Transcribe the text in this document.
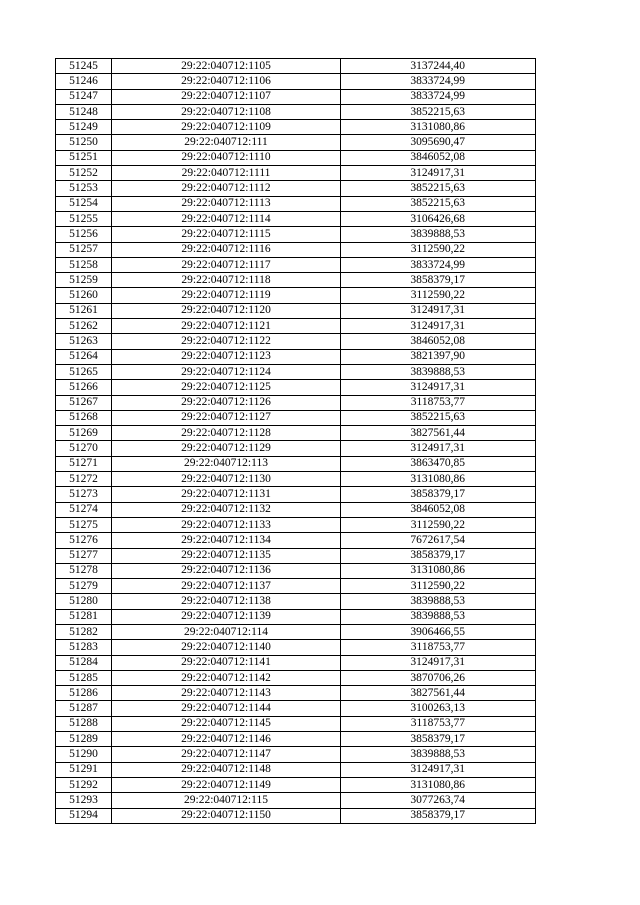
51245	29:22:040712:1105	3137244,40
51246	29:22:040712:1106	3833724,99
51247	29:22:040712:1107	3833724,99
51248	29:22:040712:1108	3852215,63
51249	29:22:040712:1109	3131080,86
51250	29:22:040712:111	3095690,47
51251	29:22:040712:1110	3846052,08
51252	29:22:040712:1111	3124917,31
51253	29:22:040712:1112	3852215,63
51254	29:22:040712:1113	3852215,63
51255	29:22:040712:1114	3106426,68
51256	29:22:040712:1115	3839888,53
51257	29:22:040712:1116	3112590,22
51258	29:22:040712:1117	3833724,99
51259	29:22:040712:1118	3858379,17
51260	29:22:040712:1119	3112590,22
51261	29:22:040712:1120	3124917,31
51262	29:22:040712:1121	3124917,31
51263	29:22:040712:1122	3846052,08
51264	29:22:040712:1123	3821397,90
51265	29:22:040712:1124	3839888,53
51266	29:22:040712:1125	3124917,31
51267	29:22:040712:1126	3118753,77
51268	29:22:040712:1127	3852215,63
51269	29:22:040712:1128	3827561,44
51270	29:22:040712:1129	3124917,31
51271	29:22:040712:113	3863470,85
51272	29:22:040712:1130	3131080,86
51273	29:22:040712:1131	3858379,17
51274	29:22:040712:1132	3846052,08
51275	29:22:040712:1133	3112590,22
51276	29:22:040712:1134	7672617,54
51277	29:22:040712:1135	3858379,17
51278	29:22:040712:1136	3131080,86
51279	29:22:040712:1137	3112590,22
51280	29:22:040712:1138	3839888,53
51281	29:22:040712:1139	3839888,53
51282	29:22:040712:114	3906466,55
51283	29:22:040712:1140	3118753,77
51284	29:22:040712:1141	3124917,31
51285	29:22:040712:1142	3870706,26
51286	29:22:040712:1143	3827561,44
51287	29:22:040712:1144	3100263,13
51288	29:22:040712:1145	3118753,77
51289	29:22:040712:1146	3858379,17
51290	29:22:040712:1147	3839888,53
51291	29:22:040712:1148	3124917,31
51292	29:22:040712:1149	3131080,86
51293	29:22:040712:115	3077263,74
51294	29:22:040712:1150	3858379,17
